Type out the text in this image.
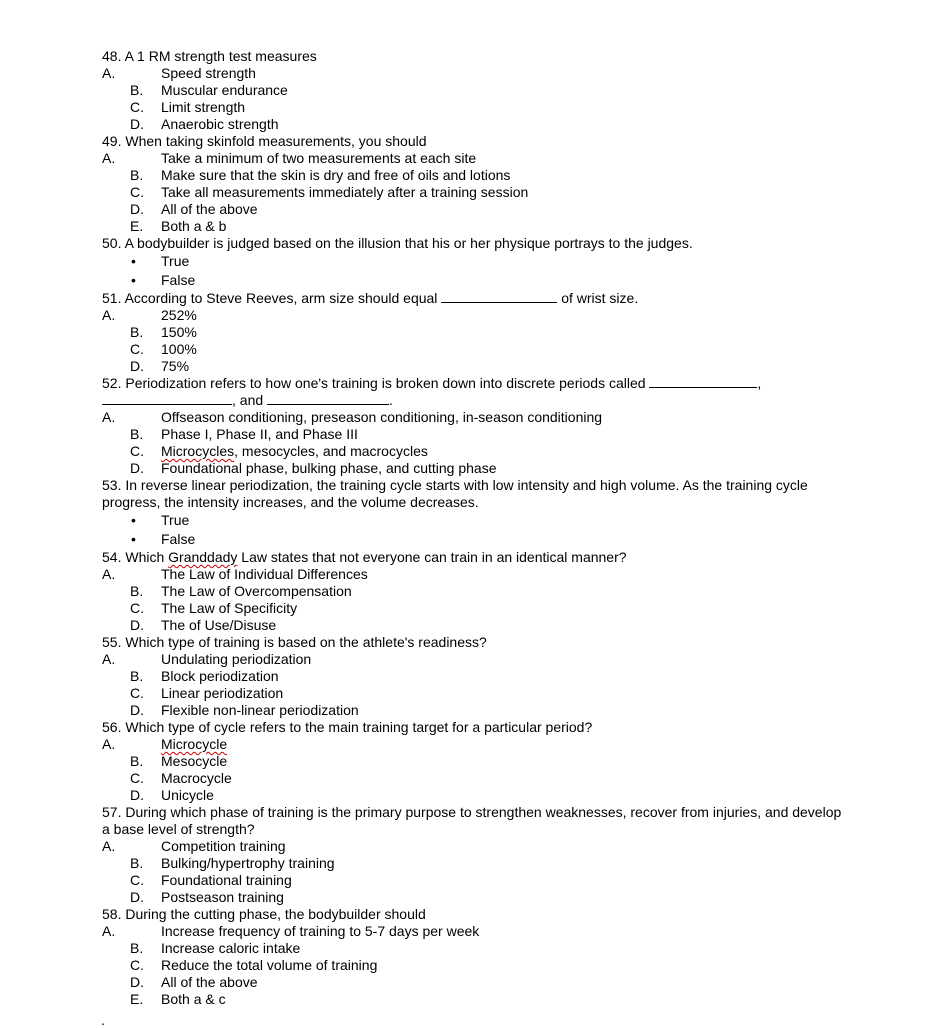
48. A 1 RM strength test measures
A.	Speed strength
B. Muscular endurance
C. Limit strength
D. Anaerobic strength
49. When taking skinfold measurements, you should
A.	Take a minimum of two measurements at each site
B. Make sure that the skin is dry and free of oils and lotions
C. Take all measurements immediately after a training session
D. All of the above
E. Both a & b
50. A bodybuilder is judged based on the illusion that his or her physique portrays to the judges.
• True
• False
51. According to Steve Reeves, arm size should equal	of wrist size.
A.	252%
B. 150%
C. 100%
D. 75%
52. Periodization refers to how one's training is broken down into discrete periods called	, , and	.
A.	Offseason conditioning, preseason conditioning, in-season conditioning
B. Phase I, Phase II, and Phase III
C. Microcycles, mesocycles, and macrocycles
D. Foundational phase, bulking phase, and cutting phase
53. In reverse linear periodization, the training cycle starts with low intensity and high volume. As the training cycle progress, the intensity increases, and the volume decreases.
• True
• False
54. Which Granddady Law states that not everyone can train in an identical manner?
A.	The Law of Individual Differences
B. The Law of Overcompensation
C. The Law of Specificity
D. The of Use/Disuse
55. Which type of training is based on the athlete's readiness?
A.	Undulating periodization
B. Block periodization
C. Linear periodization
D. Flexible non-linear periodization
56. Which type of cycle refers to the main training target for a particular period?
A.	Microcycle
B. Mesocycle
C. Macrocycle
D. Unicycle
57. During which phase of training is the primary purpose to strengthen weaknesses, recover from injuries, and develop a base level of strength?
A.	Competition training
B. Bulking/hypertrophy training
C. Foundational training
D. Postseason training
58. During the cutting phase, the bodybuilder should
A.	Increase frequency of training to 5-7 days per week
B. Increase caloric intake
C. Reduce the total volume of training
D. All of the above
E. Both a & c
.
